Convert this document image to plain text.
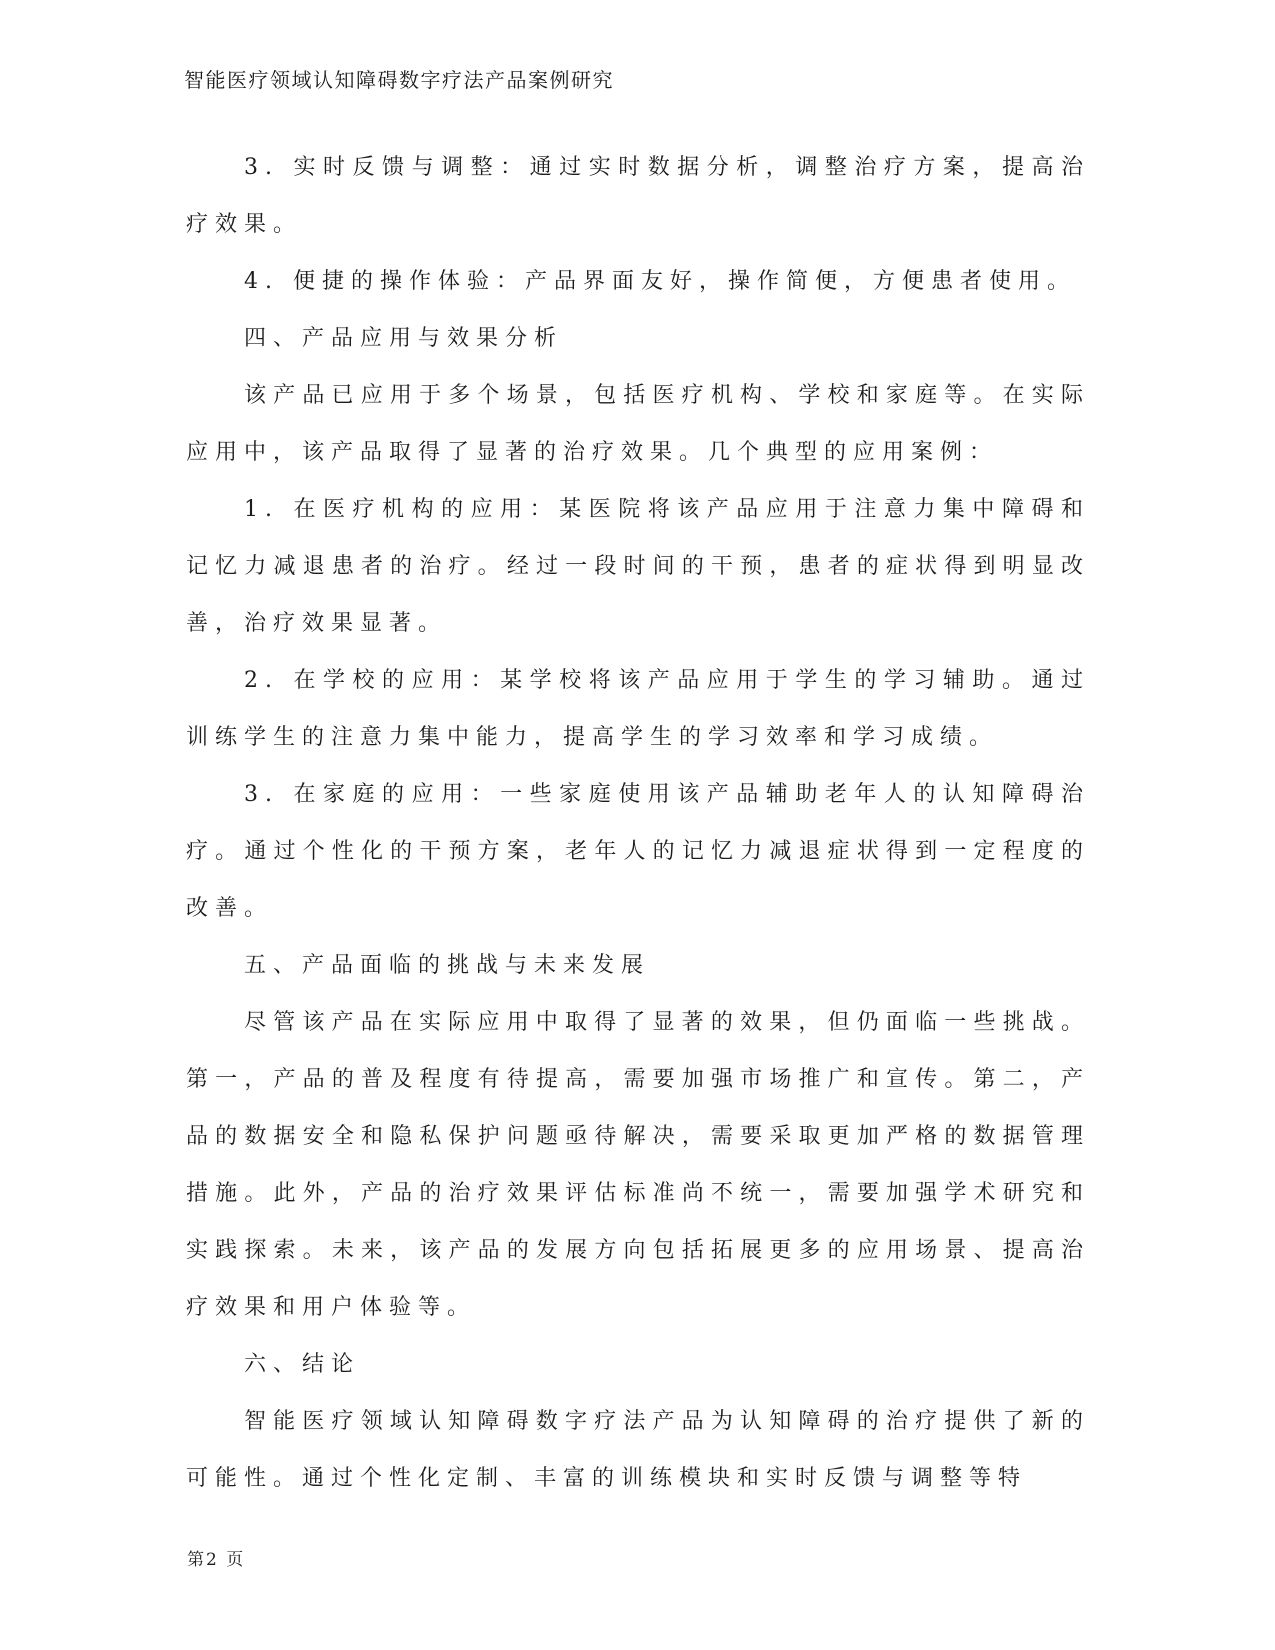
智能医疗领域认知障碍数字疗法产品案例研究

3. 实时反馈与调整：通过实时数据分析，调整治疗方案，提高治疗效果。

4. 便捷的操作体验：产品界面友好，操作简便，方便患者使用。

四、产品应用与效果分析

该产品已应用于多个场景，包括医疗机构、学校和家庭等。在实际应用中，该产品取得了显著的治疗效果。几个典型的应用案例：

1. 在医疗机构的应用：某医院将该产品应用于注意力集中障碍和记忆力减退患者的治疗。经过一段时间的干预，患者的症状得到明显改善，治疗效果显著。

2. 在学校的应用：某学校将该产品应用于学生的学习辅助。通过训练学生的注意力集中能力，提高学生的学习效率和学习成绩。

3. 在家庭的应用：一些家庭使用该产品辅助老年人的认知障碍治疗。通过个性化的干预方案，老年人的记忆力减退症状得到一定程度的改善。

五、产品面临的挑战与未来发展

尽管该产品在实际应用中取得了显著的效果，但仍面临一些挑战。第一，产品的普及程度有待提高，需要加强市场推广和宣传。第二，产品的数据安全和隐私保护问题亟待解决，需要采取更加严格的数据管理措施。此外，产品的治疗效果评估标准尚不统一，需要加强学术研究和实践探索。未来，该产品的发展方向包括拓展更多的应用场景、提高治疗效果和用户体验等。

六、结论

智能医疗领域认知障碍数字疗法产品为认知障碍的治疗提供了新的可能性。通过个性化定制、丰富的训练模块和实时反馈与调整等特

第2 页
